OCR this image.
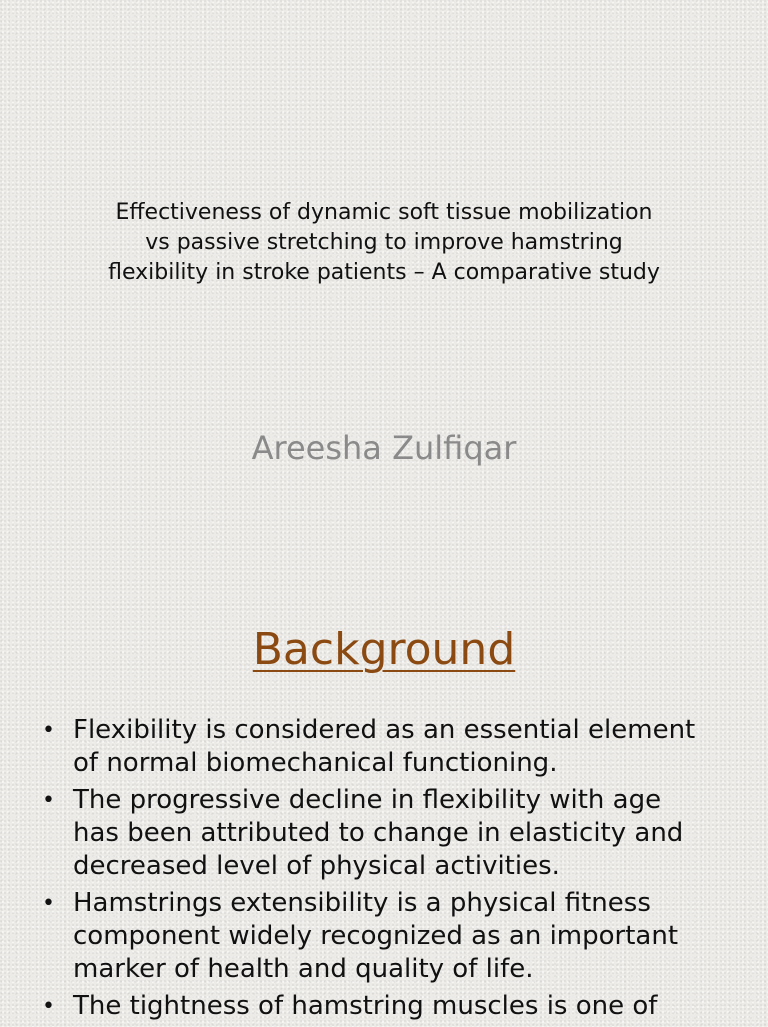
Effectiveness of dynamic soft tissue mobilization
vs passive stretching to improve hamstring
flexibility in stroke patients – A comparative study

Areesha Zulfiqar

Background
• Flexibility is considered as an essential element
of normal biomechanical functioning.
• The progressive decline in flexibility with age
has been attributed to change in elasticity and
decreased level of physical activities.
• Hamstrings extensibility is a physical fitness
component widely recognized as an important
marker of health and quality of life.
• The tightness of hamstring muscles is one of
